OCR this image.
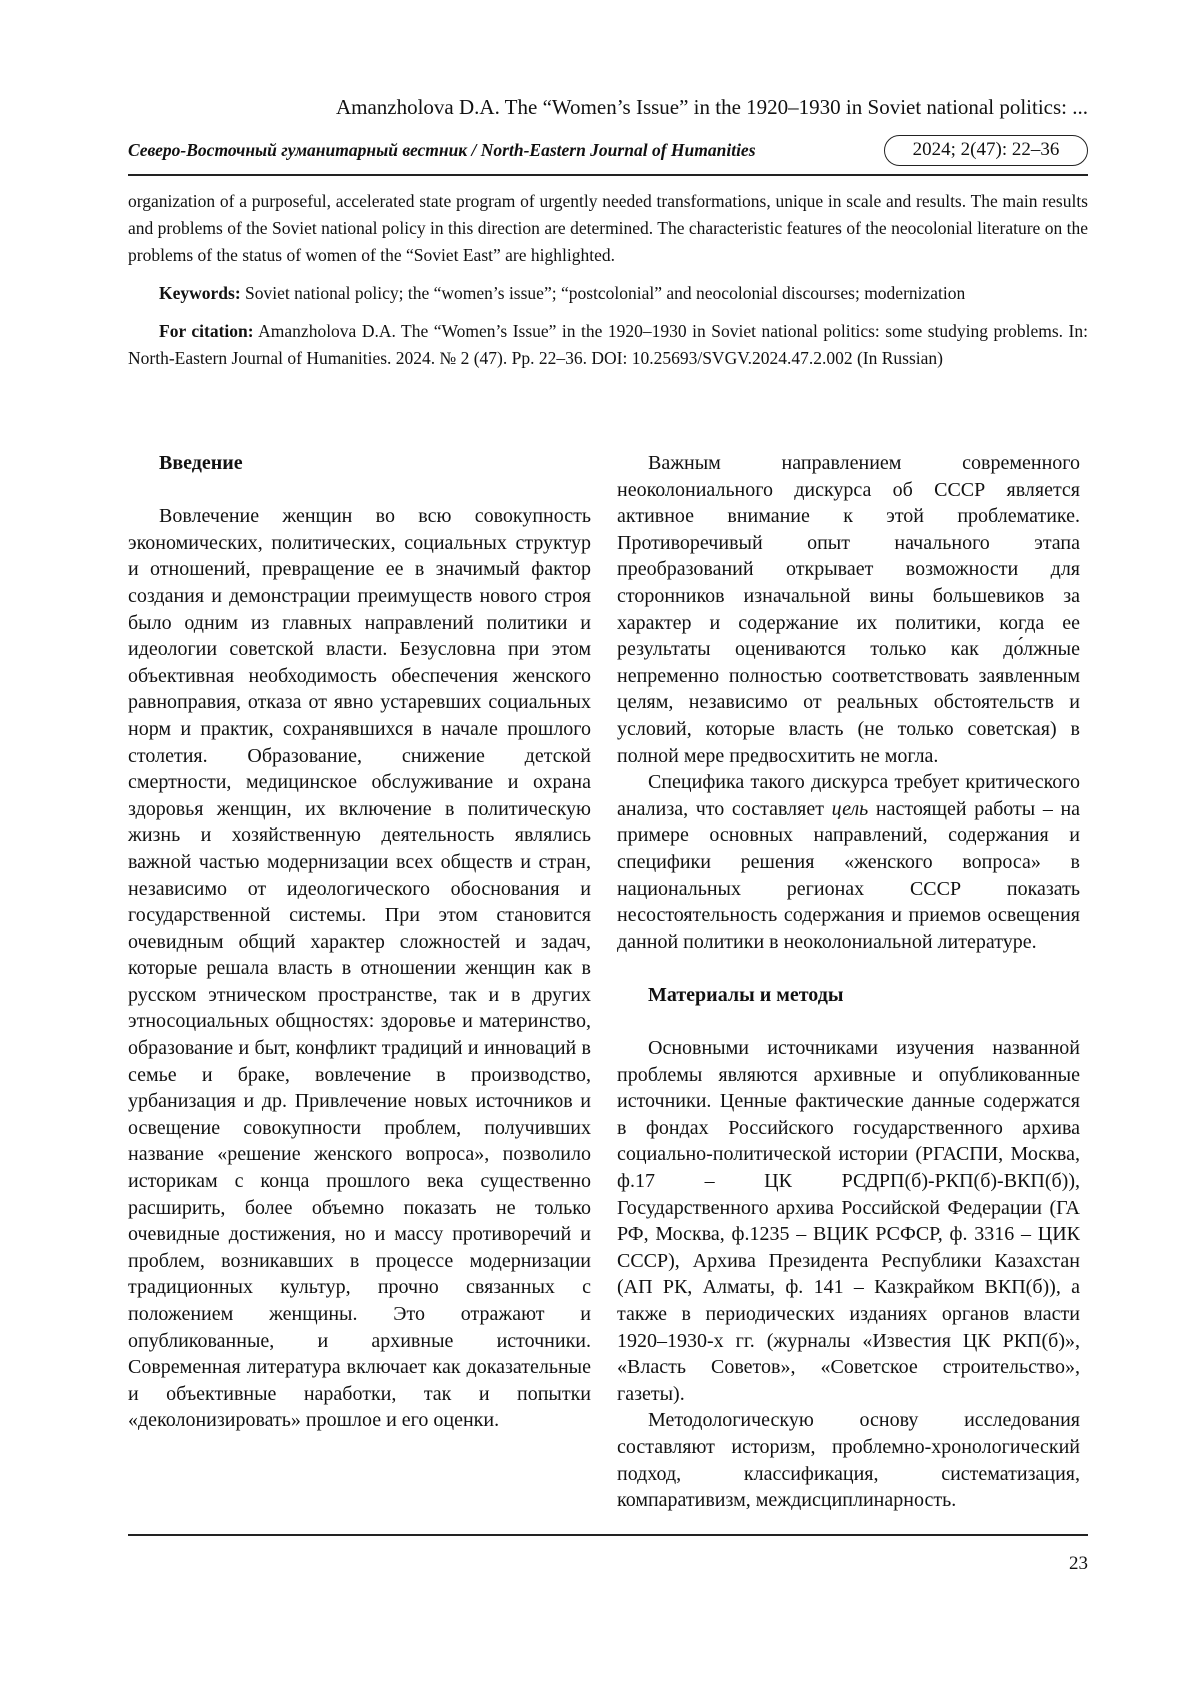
Amanzholova D.A. The “Women’s Issue” in the 1920–1930 in Soviet national politics: ...
Северо-Восточный гуманитарный вестник / North-Eastern Journal of Humanities	2024; 2(47): 22–36

organization of a purposeful, accelerated state program of urgently needed transformations, unique in scale and results. The main results and problems of the Soviet national policy in this direction are determined. The characteristic features of the neocolonial literature on the problems of the status of women of the “Soviet East” are highlighted.

Keywords: Soviet national policy; the “women’s issue”; “postcolonial” and neocolonial discourses; modernization

For citation: Amanzholova D.A. The “Women’s Issue” in the 1920–1930 in Soviet national politics: some studying problems. In: North-Eastern Journal of Humanities. 2024. № 2 (47). Pp. 22–36. DOI: 10.25693/SVGV.2024.47.2.002 (In Russian)

Введение

Вовлечение женщин во всю совокупность экономических, политических, социальных структур и отношений, превращение ее в значимый фактор создания и демонстрации преимуществ нового строя было одним из главных направлений политики и идеологии советской власти. Безусловна при этом объективная необходимость обеспечения женского равноправия, отказа от явно устаревших социальных норм и практик, сохранявшихся в начале прошлого столетия. Образование, снижение детской смертности, медицинское обслуживание и охрана здоровья женщин, их включение в политическую жизнь и хозяйственную деятельность являлись важной частью модернизации всех обществ и стран, независимо от идеологического обоснования и государственной системы. При этом становится очевидным общий характер сложностей и задач, которые решала власть в отношении женщин как в русском этническом пространстве, так и в других этносоциальных общностях: здоровье и материнство, образование и быт, конфликт традиций и инноваций в семье и браке, вовлечение в производство, урбанизация и др. Привлечение новых источников и освещение совокупности проблем, получивших название «решение женского вопроса», позволило историкам с конца прошлого века существенно расширить, более объемно показать не только очевидные достижения, но и массу противоречий и проблем, возникавших в процессе модернизации традиционных культур, прочно связанных с положением женщины. Это отражают и опубликованные, и архивные источники. Современная литература включает как доказательные и объективные наработки, так и попытки «деколонизировать» прошлое и его оценки.

Важным направлением современного неоколониального дискурса об СССР является активное внимание к этой проблематике. Противоречивый опыт начального этапа преобразований открывает возможности для сторонников изначальной вины большевиков за характер и содержание их политики, когда ее результаты оцениваются только как до́лжные непременно полностью соответствовать заявленным целям, независимо от реальных обстоятельств и условий, которые власть (не только советская) в полной мере предвосхитить не могла.

Специфика такого дискурса требует критического анализа, что составляет цель настоящей работы – на примере основных направлений, содержания и специфики решения «женского вопроса» в национальных регионах СССР показать несостоятельность содержания и приемов освещения данной политики в неоколониальной литературе.

Материалы и методы

Основными источниками изучения названной проблемы являются архивные и опубликованные источники. Ценные фактические данные содержатся в фондах Российского государственного архива социально-политической истории (РГАСПИ, Москва, ф.17 – ЦК РСДРП(б)-РКП(б)-ВКП(б)), Государственного архива Российской Федерации (ГА РФ, Москва, ф.1235 – ВЦИК РСФСР, ф. 3316 – ЦИК СССР), Архива Президента Республики Казахстан (АП РК, Алматы, ф. 141 – Казкрайком ВКП(б)), а также в периодических изданиях органов власти 1920–1930-х гг. (журналы «Известия ЦК РКП(б)», «Власть Советов», «Советское строительство», газеты).

Методологическую основу исследования составляют историзм, проблемно-хронологический подход, классификация, систематизация, компаративизм, междисциплинарность.

23
